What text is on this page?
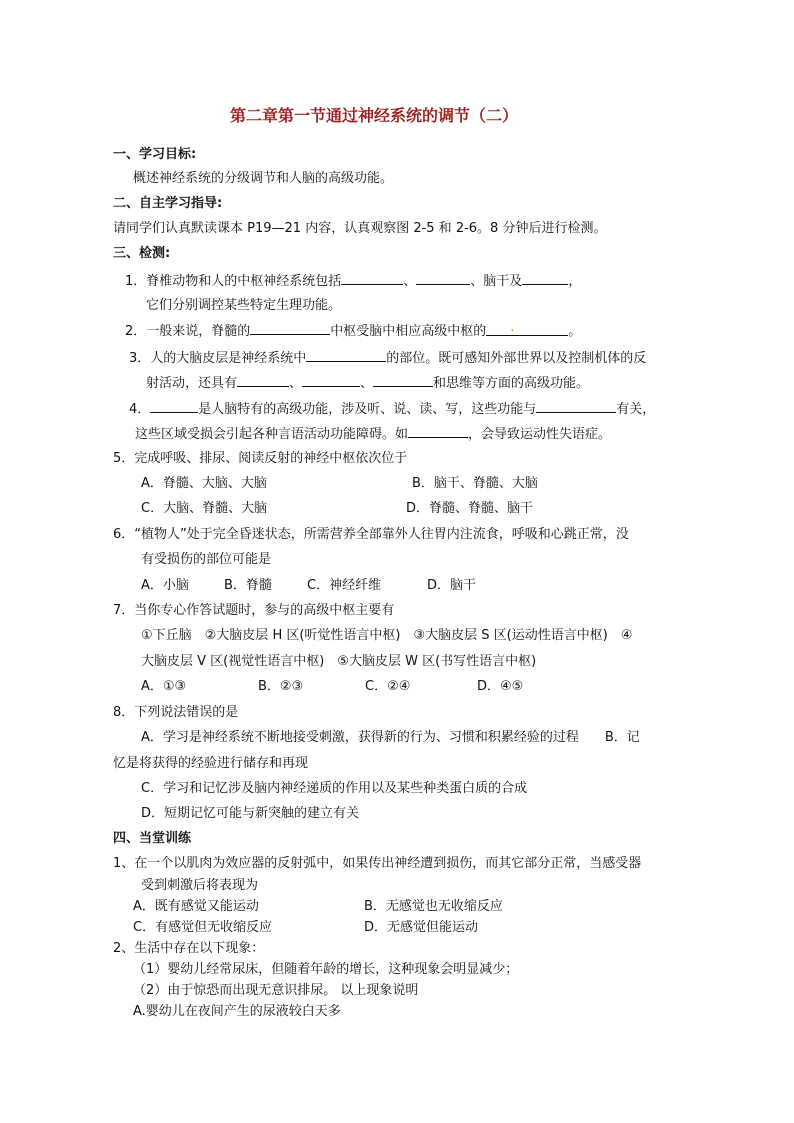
第二章第一节通过神经系统的调节（二）
一、学习目标:
概述神经系统的分级调节和人脑的高级功能。
二、自主学习指导:
请同学们认真默读课本 P19—21 内容，认真观察图 2-5 和 2-6。8 分钟后进行检测。
三、检测:
1．脊椎动物和人的中枢神经系统包括	、	、脑干及	，
它们分别调控某些特定生理功能。
2．一般来说，脊髓的	中枢受脑中相应高级中枢的 ·	。
3．人的大脑皮层是神经系统中	的部位。既可感知外部世界以及控制机体的反
射活动，还具有	、	、	和思维等方面的高级功能。
4．	是人脑特有的高级功能，涉及听、说、读、写，这些功能与	有关，
这些区域受损会引起各种言语活动功能障碍。如	，会导致运动性失语症。
5．完成呼吸、排尿、阅读反射的神经中枢依次位于
A．脊髓、大脑、大脑	B．脑干、脊髓、大脑
C．大脑、脊髓、大脑	D．脊髓、脊髓、脑干
6．“植物人”处于完全昏迷状态，所需营养全部靠外人往胃内注流食，呼吸和心跳正常，没
有受损伤的部位可能是
A．小脑	B．脊髓	C．神经纤维	D．脑干
7．当你专心作答试题时，参与的高级中枢主要有
①下丘脑　②大脑皮层 H 区(听觉性语言中枢)　③大脑皮层 S 区(运动性语言中枢)　④
大脑皮层 V 区(视觉性语言中枢)　⑤大脑皮层 W 区(书写性语言中枢)
A．①③	B．②③	C．②④	D．④⑤
8．下列说法错误的是
A．学习是神经系统不断地接受刺激，获得新的行为、习惯和积累经验的过程　　B．记
忆是将获得的经验进行储存和再现
C．学习和记忆涉及脑内神经递质的作用以及某些种类蛋白质的合成
D．短期记忆可能与新突触的建立有关
四、当堂训练
1、在一个以肌肉为效应器的反射弧中，如果传出神经遭到损伤，而其它部分正常，当感受器
受到刺激后将表现为
A．既有感觉又能运动	B．无感觉也无收缩反应
C．有感觉但无收缩反应	D．无感觉但能运动
2、生活中存在以下现象：
（1）婴幼儿经常尿床，但随着年龄的增长，这种现象会明显减少；
（2）由于惊恐而出现无意识排尿。 以上现象说明
A.婴幼儿在夜间产生的尿液较白天多
